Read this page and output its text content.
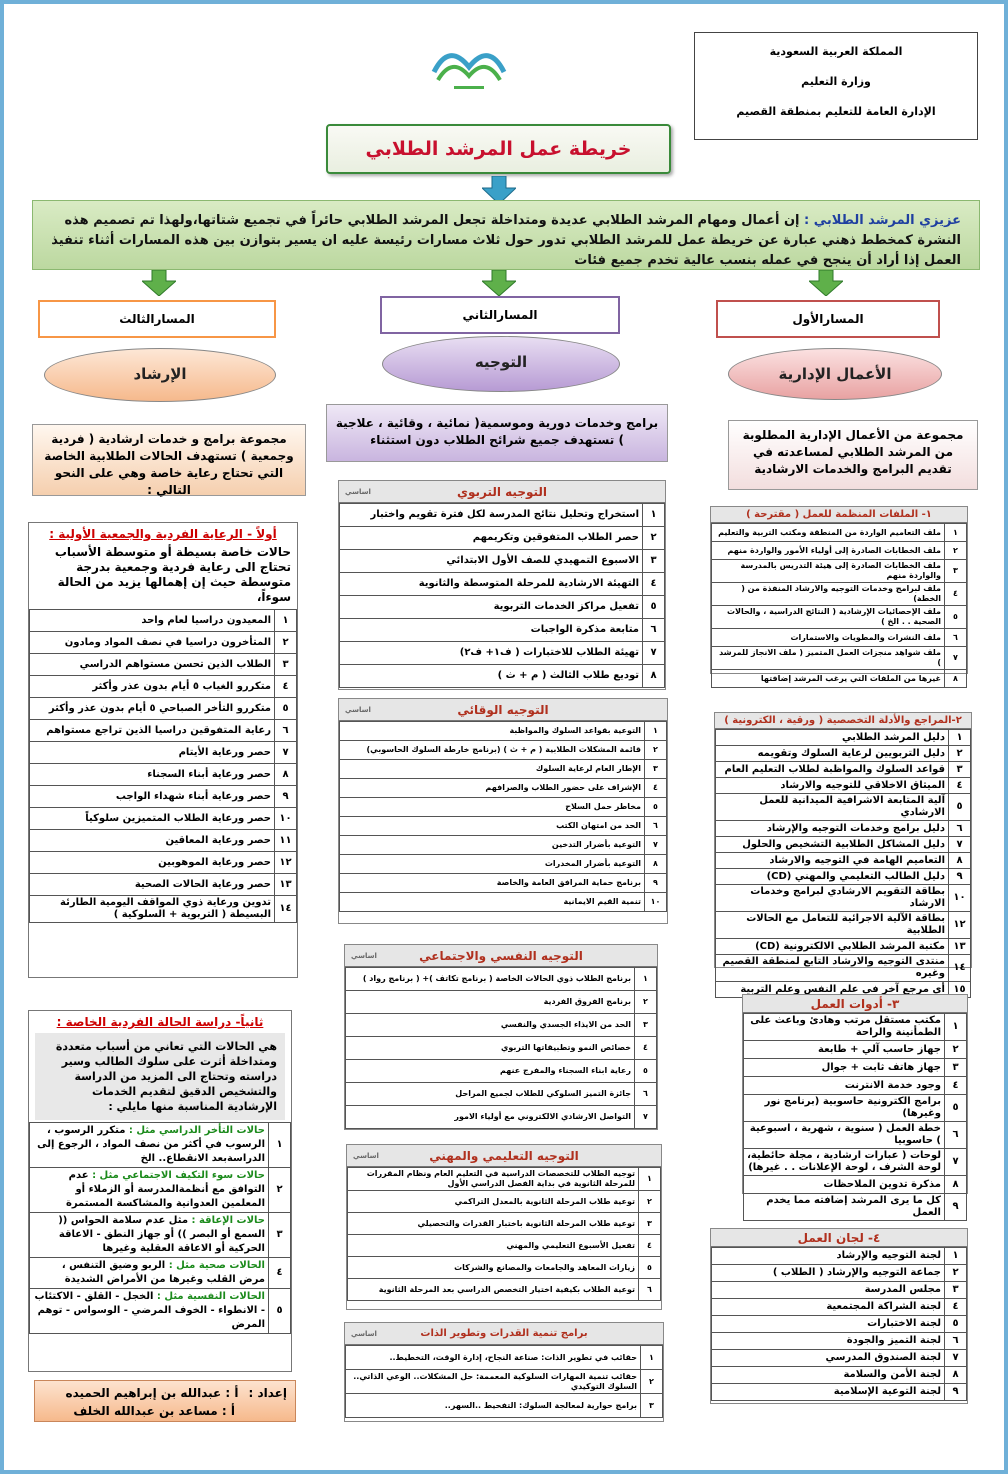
المملكة العربية السعودية
وزارة التعليم
الإدارة العامة للتعليم بمنطقة القصيم
خريطة عمل المرشد الطلابي
عزيزي المرشد الطلابي : إن أعمال ومهام المرشد الطلابي عديدة ومتداخلة تجعل المرشد الطلابي حائراً في تجميع شتاتها،ولهذا تم تصميم هذه النشرة كمخطط ذهني عبارة عن خريطة عمل للمرشد الطلابي تدور حول ثلاث مسارات رئيسة عليه ان يسير بتوازن بين هذه المسارات أثناء تنفيذ العمل إذا أراد أن ينجح في عمله بنسب عالية تخدم جميع فئات
المسارالأول
المسارالثاني
المسارالثالث
الأعمال الإدارية
التوجيه
الإرشاد
مجموعة من الأعمال الإدارية المطلوبة من المرشد الطلابي لمساعدته في تقديم البرامج والخدمات الارشادية
برامج وخدمات دورية وموسمية( نمائية ، وقائية ، علاجية ) تستهدف جميع شرائح الطلاب دون استثناء
مجموعة برامج و خدمات ارشادية ( فردية وجمعية ) تستهدف الحالات الطلابية الخاصة التي تحتاج رعاية خاصة وهي على النحو التالي :
١- الملفات المنظمة للعمل ( مقترحة )
١	ملف التعاميم الواردة من المنطقة ومكتب التربية والتعليم
٢	ملف الخطابات الصادرة إلى أولياء الأمور والواردة منهم
٣	ملف الخطابات الصادرة إلى هيئة التدريس بالمدرسة والواردة منهم
٤	ملف لبرامج وخدمات التوجيه والارشاد المنفذة من ( الخطة)
٥	ملف الإحصائيات الإرشادية ( النتائج الدراسية ، والحالات الصحية . . الخ )
٦	ملف النشرات والمطويات والاستمارات
٧	ملف شواهد منجزات العمل المتميز ( ملف الانجاز للمرشد )
٨	غيرها من الملفات التي يرغب المرشد إضافتها
٢-المراجع والأدلة التخصصية ( ورقية ، الكترونية )
١	دليل المرشد الطلابي
٢	دليل التربويين لرعاية السلوك وتقويمه
٣	قواعد السلوك والمواظبة لطلاب التعليم العام
٤	الميثاق الاخلاقي للتوجيه والارشاد
٥	آلية المتابعة الاشرافية الميدانية للعمل الارشادي
٦	دليل برامج وخدمات التوجيه والإرشاد
٧	دليل المشاكل الطلابية التشخيص والحلول
٨	التعاميم الهامة في التوجيه والارشاد
٩	دليل الطالب التعليمي والمهني (CD)
١٠	بطاقة التقويم الارشادي لبرامج وخدمات الارشاد
١٢	بطاقة الآلية الاجرائية للتعامل مع الحالات الطلابية
١٣	مكتبة المرشد الطلابي الالكترونية (CD)
١٤	منتدى التوجيه والارشاد التابع لمنطقة القصيم وغيره
١٥	أي مرجع آخر في علم النفس وعلم التربية
٣- أدوات العمل
١	مكتب مستقل مرتب وهادئ وباعث على الطمأنينة والراحة
٢	جهاز حاسب آلي + طابعة
٣	جهاز هاتف ثابت + جوال
٤	وجود خدمة الانترنت
٥	برامج الكترونية حاسوبية (برنامج نور وغيرها)
٦	خطة العمل ( سنوية ، شهرية ، اسبوعية ) حاسوبيا
٧	لوحات ( عبارات ارشادية ، مجلة حائطية، لوحة الشرف ، لوحة الإعلانات . . غيرها)
٨	مذكرة تدوين الملاحظات
٩	كل ما يرى المرشد إضافته مما يخدم العمل
٤- لجان العمل
١	لجنة التوجيه والإرشاد
٢	جماعة التوجيه والإرشاد ( الطلاب )
٣	مجلس المدرسة
٤	لجنة الشراكة المجتمعية
٥	لجنة الاختبارات
٦	لجنة التميز والجودة
٧	لجنة الصندوق المدرسي
٨	لجنة الأمن والسلامة
٩	لجنة التوعية الإسلامية
التوجيه التربوي
اساسي
١	استخراج وتحليل نتائج المدرسة لكل فترة تقويم واختبار
٢	حصر الطلاب المتفوقين وتكريمهم
٣	الاسبوع التمهيدي للصف الأول الابتدائي
٤	التهيئة الارشادية للمرحلة المتوسطة والثانوية
٥	تفعيل مراكز الخدمات التربوية
٦	متابعة مذكرة الواجبات
٧	تهيئة الطلاب للاختبارات ( ف١+ ف٢)
٨	توديع طلاب الثالث ( م + ث )
التوجيه الوقائي
اساسي
١	التوعية بقواعد السلوك والمواظبة
٢	قائمة المشكلات الطلابية ( م + ث ) (برنامج خارطة السلوك الحاسوبي)
٣	الإطار العام لرعاية السلوك
٤	الإشراف على حضور الطلاب والصرافهم
٥	مخاطر حمل السلاح
٦	الحد من امتهان الكتب
٧	التوعية بأضرار التدخين
٨	التوعية بأضرار المخدرات
٩	برنامج حماية المرافق العامة والخاصة
١٠	تنمية القيم الايمانية
التوجيه النفسي والاجتماعي
اساسي
١	برنامج الطلاب ذوي الحالات الخاصة ( برنامج تكاتف )+ ( برنامج رواد )
٢	برنامج الفروق الفردية
٣	الحد من الايذاء الجسدي والنفسي
٤	خصائص النمو وتطبيقاتها التربوي
٥	رعاية ابناء السجناء والمفرج عنهم
٦	جائزة التميز السلوكي للطلاب لجميع المراحل
٧	التواصل الارشادي الالكتروني مع أولياء الامور
التوجيه التعليمي والمهني
اساسي
١	توجيه الطلاب للتخصصات الدراسية في التعليم العام ونظام المقررات للمرحلة الثانوية في بداية الفصل الدراسي الأول
٢	توعية طلاب المرحلة الثانوية بالمعدل التراكمي
٣	توعية طلاب المرحلة الثانوية باختبار القدرات والتحصيلي
٤	تفعيل الأسبوع التعليمي والمهني
٥	زيارات المعاهد والجامعات والمصانع والشركات
٦	توعية الطلاب بكيفية اختيار التخصص الدراسي بعد المرحلة الثانوية
برامج تنمية القدرات وتطوير الذات
اساسي
١	حقائب في تطوير الذات: صناعة النجاح، إدارة الوقت، التخطيط..
٢	حقائب تنمية المهارات السلوكية المعممة: حل المشكلات.. الوعي الذاتي.. السلوك التوكيدي
٣	برامج حوارية لمعالجة السلوك: التفحيط ..السهر..
أولاً - الرعاية الفردية والجمعية الأولية :
حالات خاصة بسيطة أو متوسطة الأسباب تحتاج الى رعاية فردية وجمعية بدرجة متوسطة حيث إن إهمالها يزيد من الحالة سوءاً،
١	المعيدون دراسيا لعام واحد
٢	المتأخرون دراسيا في نصف المواد ومادون
٣	الطلاب الذين تحسن مستواهم الدراسي
٤	متكررو الغياب ٥ أيام بدون عذر وأكثر
٥	متكررو التأخر الصباحي ٥ أيام بدون عذر وأكثر
٦	رعاية المتفوقين دراسيا الذين تراجع مستواهم
٧	حصر ورعاية الأيتام
٨	حصر ورعاية أبناء السجناء
٩	حصر ورعاية أبناء شهداء الواجب
١٠	حصر ورعاية الطلاب المتميزين سلوكياً
١١	حصر ورعاية المعاقين
١٢	حصر ورعاية الموهوبين
١٣	حصر ورعاية الحالات الصحية
١٤	تدوين ورعاية ذوي المواقف اليومية الطارئة البسيطة ( التربوية + السلوكية )
ثانياً- دراسة الحالة الفردية الخاصة :
هي الحالات التي تعاني من أسباب متعددة ومتداخلة أثرت على سلوك الطالب وسير دراسته وتحتاج الى المزيد من الدراسة والتشخيص الدقيق لتقديم الخدمات الإرشادية المناسبة منها مايلي :
١	حالات التأخر الدراسي مثل : متكرر الرسوب ، الرسوب في أكثر من نصف المواد ، الرجوع إلى الدراسةبعد الانقطاع.. الخ
٢	حالات سوء التكيف الاجتماعي مثل : عدم التوافق مع أنظمةالمدرسة أو الزملاء أو المعلمين العدوانية والمشاكسة المستمرة
٣	حالات الإعاقة : مثل عدم سلامة الحواس (( السمع أو البصر )) أو جهاز النطق - الاعاقة الحركية أو الاعاقة العقلية وغيرها
٤	الحالات صحية مثل : الربو وضيق التنفس ، مرض القلب وغيرها من الأمراض الشديدة
٥	الحالات النفسية مثل : الخجل - القلق - الاكتئاب - الانطواء - الخوف المرضي - الوسواس - توهم المرض
إعداد :
أ : عبدالله بن إبراهيم الحميده
أ : مساعد بن عبدالله الخلف
